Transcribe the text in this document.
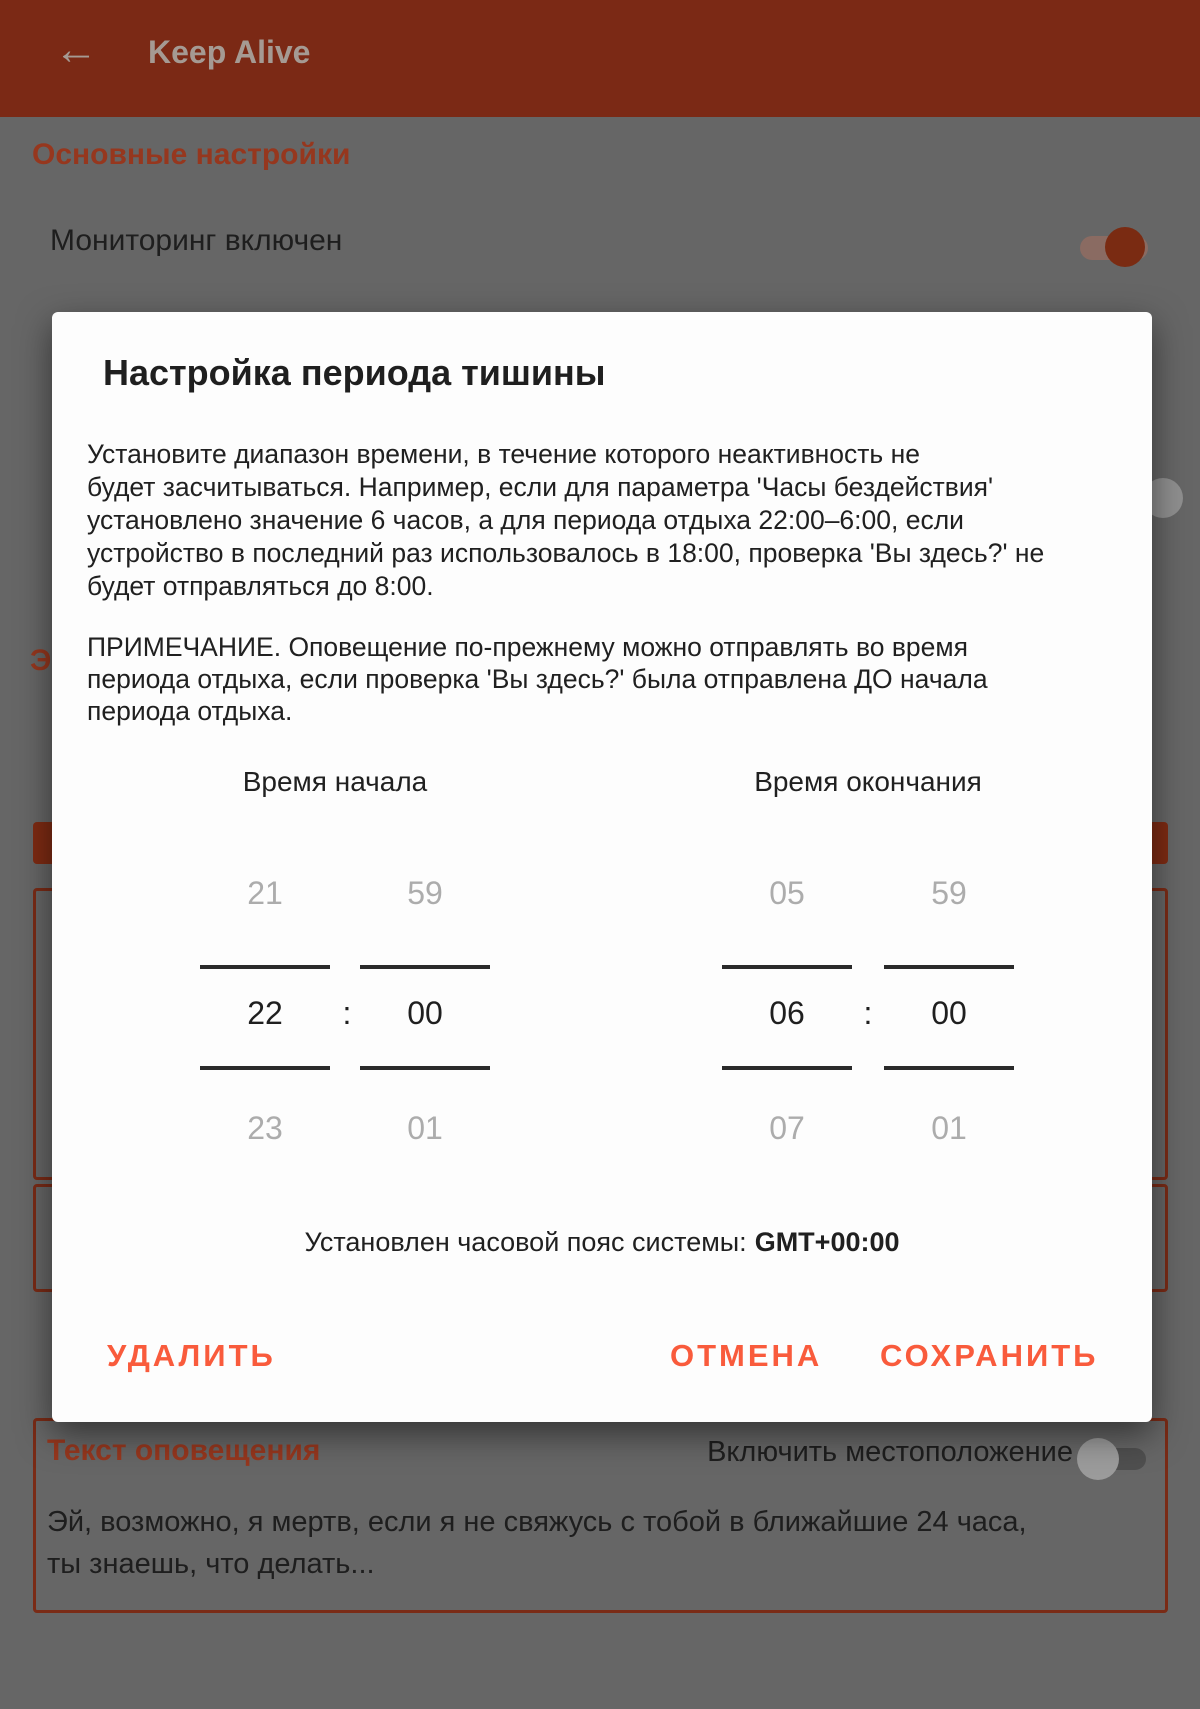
← Keep Alive
Основные настройки
Мониторинг включен
Э
Текст оповещения	Включить местоположение
Эй, возможно, я мертв, если я не свяжусь с тобой в ближайшие 24 часа,
ты знаешь, что делать...
Настройка периода тишины
Установите диапазон времени, в течение которого неактивность не
будет засчитываться. Например, если для параметра 'Часы бездействия'
установлено значение 6 часов, а для периода отдыха 22:00–6:00, если
устройство в последний раз использовалось в 18:00, проверка 'Вы здесь?' не
будет отправляться до 8:00.
ПРИМЕЧАНИЕ. Оповещение по-прежнему можно отправлять во время
периода отдыха, если проверка 'Вы здесь?' была отправлена ДО начала
периода отдыха.
Время начала	Время окончания
21	59	05	59
22	:	00	06	:	00
23	01	07	01
Установлен часовой пояс системы: GMT+00:00
УДАЛИТЬ	ОТМЕНА СОХРАНИТЬ
